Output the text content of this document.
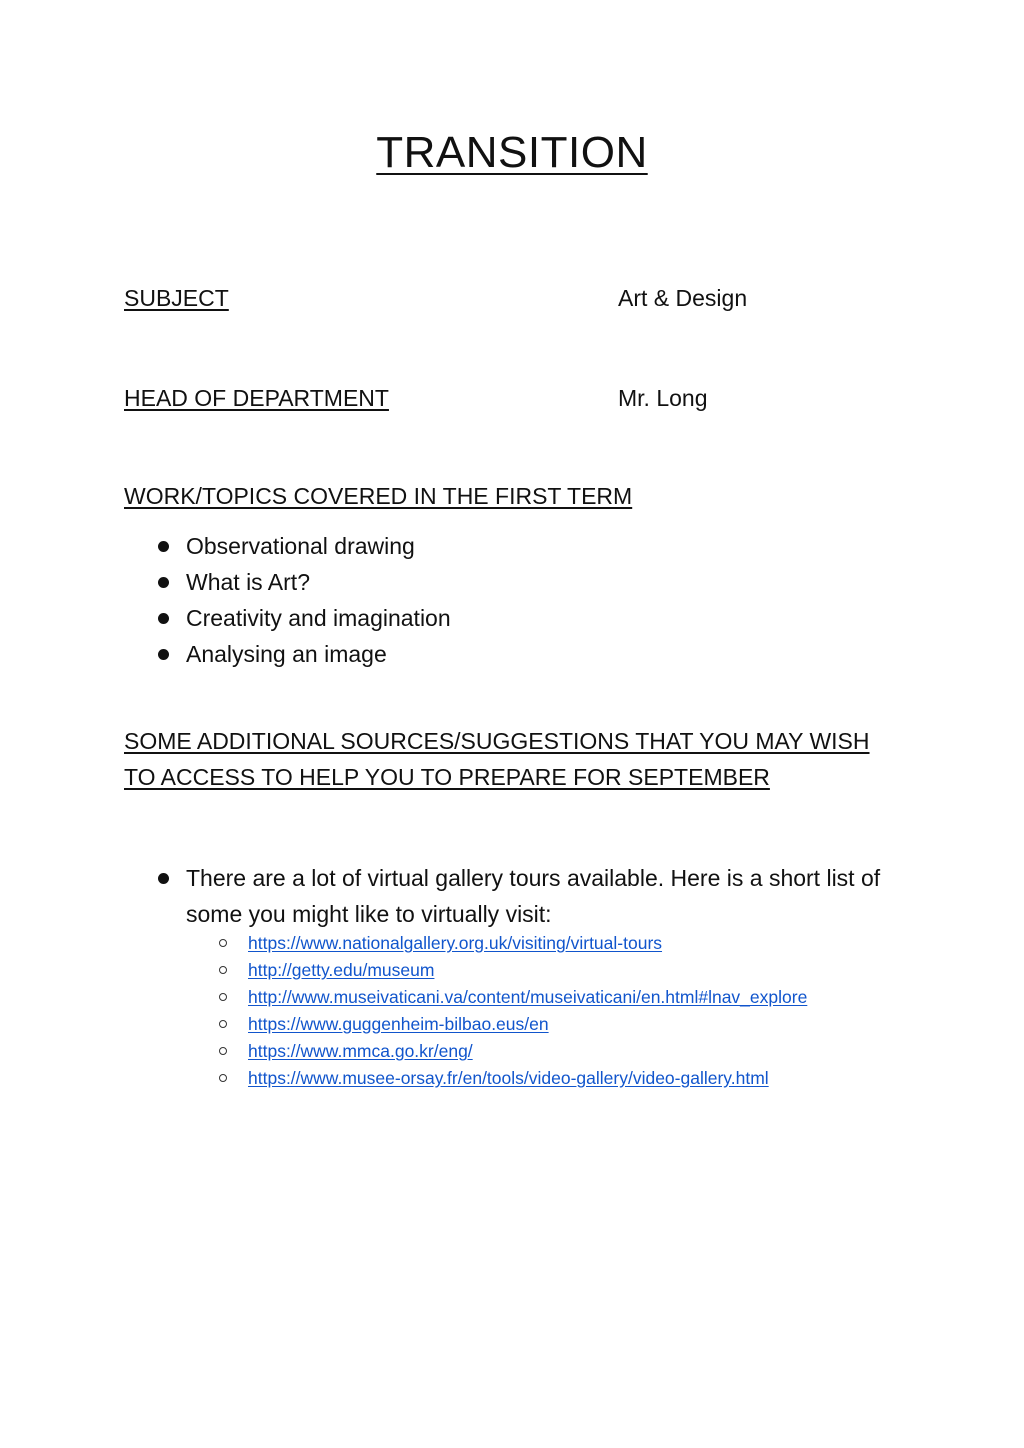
TRANSITION
SUBJECT	Art & Design
HEAD OF DEPARTMENT	Mr. Long
WORK/TOPICS COVERED IN THE FIRST TERM
Observational drawing
What is Art?
Creativity and imagination
Analysing an image
SOME ADDITIONAL SOURCES/SUGGESTIONS THAT YOU MAY WISH
TO ACCESS TO HELP YOU TO PREPARE FOR SEPTEMBER
There are a lot of virtual gallery tours available. Here is a short list of some you might like to virtually visit:
https://www.nationalgallery.org.uk/visiting/virtual-tours
http://getty.edu/museum
http://www.museivaticani.va/content/museivaticani/en.html#lnav_explore
https://www.guggenheim-bilbao.eus/en
https://www.mmca.go.kr/eng/
https://www.musee-orsay.fr/en/tools/video-gallery/video-gallery.html
